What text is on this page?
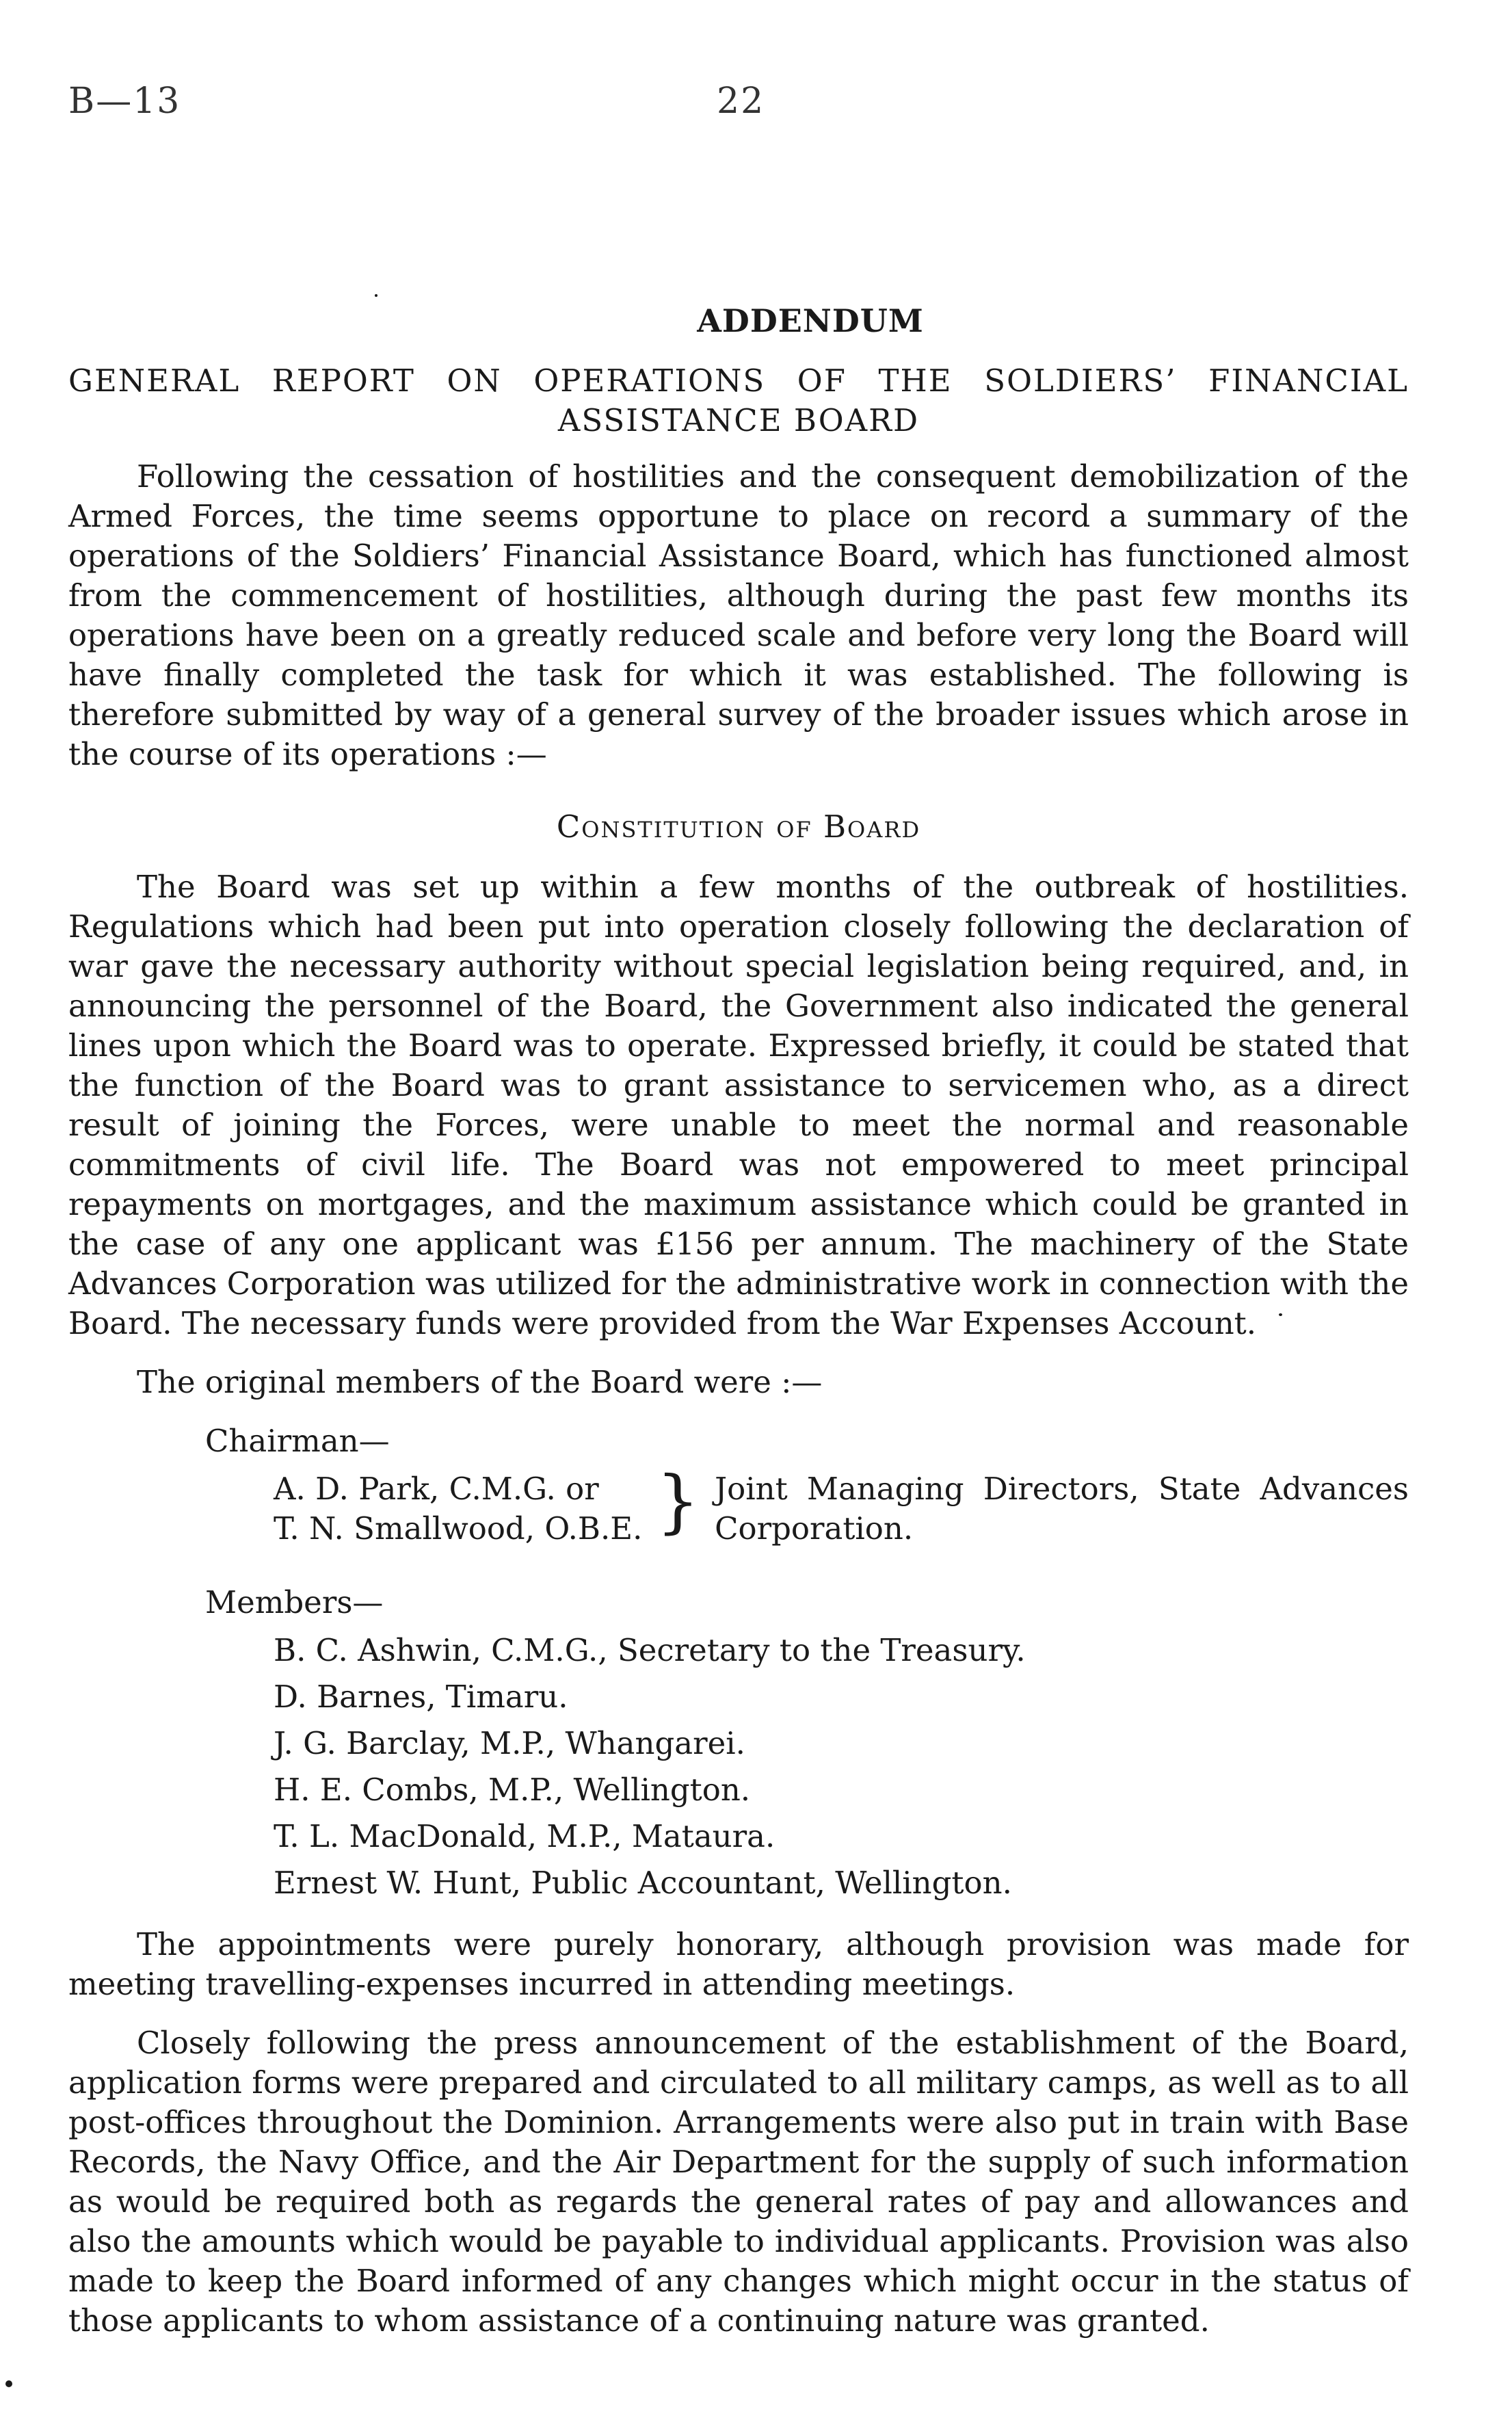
B—13	22
ADDENDUM
GENERAL REPORT ON OPERATIONS OF THE SOLDIERS’ FINANCIAL
ASSISTANCE BOARD

Following the cessation of hostilities and the consequent demobilization of the Armed Forces, the time seems opportune to place on record a summary of the operations of the Soldiers’ Financial Assistance Board, which has functioned almost from the commencement of hostilities, although during the past few months its operations have been on a greatly reduced scale and before very long the Board will have finally completed the task for which it was established. The following is therefore submitted by way of a general survey of the broader issues which arose in the course of its operations :—

Constitution of Board

The Board was set up within a few months of the outbreak of hostilities. Regulations which had been put into operation closely following the declaration of war gave the necessary authority without special legislation being required, and, in announcing the personnel of the Board, the Government also indicated the general lines upon which the Board was to operate. Expressed briefly, it could be stated that the function of the Board was to grant assistance to servicemen who, as a direct result of joining the Forces, were unable to meet the normal and reasonable commitments of civil life. The Board was not empowered to meet principal repayments on mortgages, and the maximum assistance which could be granted in the case of any one applicant was £156 per annum. The machinery of the State Advances Corporation was utilized for the administrative work in connection with the Board. The necessary funds were provided from the War Expenses Account.

The original members of the Board were :—

Chairman—
A. D. Park, C.M.G. or
T. N. Smallwood, O.B.E. } Joint Managing Directors, State Advances
Corporation.
Members—
B. C. Ashwin, C.M.G., Secretary to the Treasury.
D. Barnes, Timaru.
J. G. Barclay, M.P., Whangarei.
H. E. Combs, M.P., Wellington.
T. L. MacDonald, M.P., Mataura.
Ernest W. Hunt, Public Accountant, Wellington.

The appointments were purely honorary, although provision was made for meeting travelling-expenses incurred in attending meetings.

Closely following the press announcement of the establishment of the Board, application forms were prepared and circulated to all military camps, as well as to all post-offices throughout the Dominion. Arrangements were also put in train with Base Records, the Navy Office, and the Air Department for the supply of such information as would be required both as regards the general rates of pay and allowances and also the amounts which would be payable to individual applicants. Provision was also made to keep the Board informed of any changes which might occur in the status of those applicants to whom assistance of a continuing nature was granted.
